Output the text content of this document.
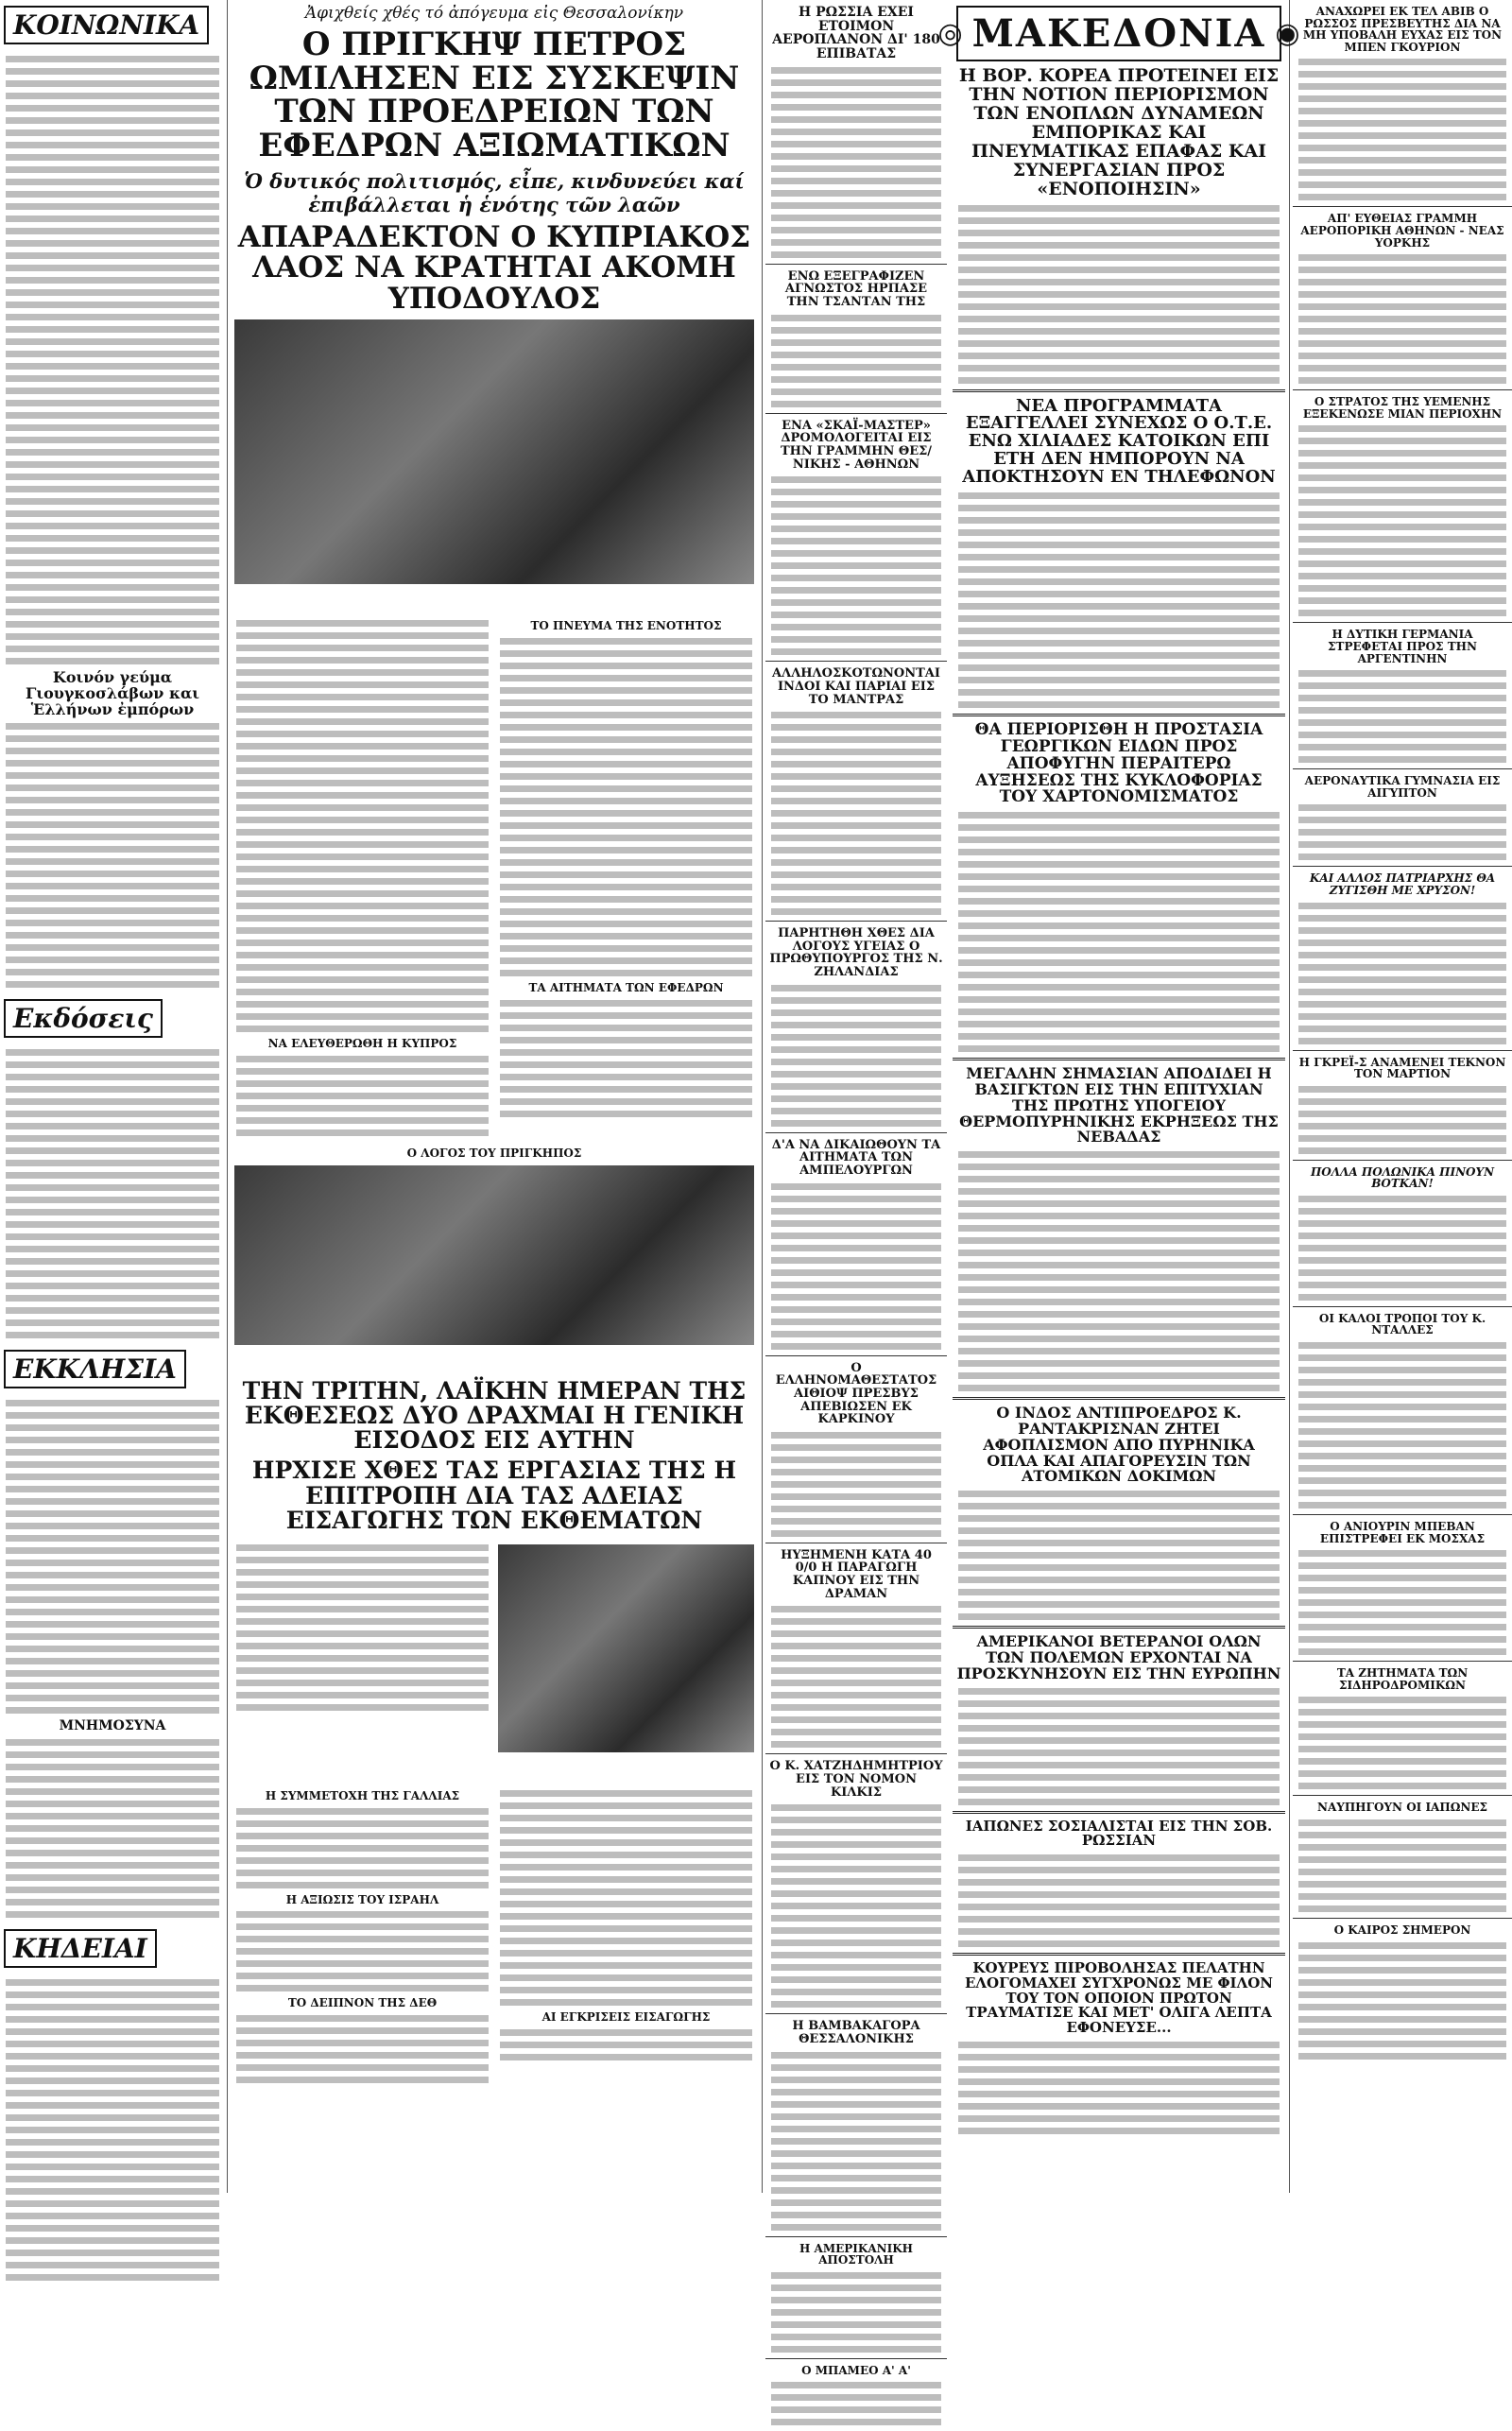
ΚΟΙΝΩΝΙΚΑ
Κοινόν γεύμα Γιουγκοσλάβων και Ἑλλήνων ἐμπόρων
Εκδόσεις
ΕΚΚΛΗΣΙΑ
ΜΝΗΜΟΣΥΝΑ
ΚΗΔΕΙΑΙ
Ἀφιχθείς χθές τό ἀπόγευμα εἰς Θεσσαλονίκην
Ο ΠΡΙΓΚΗΨ ΠΕΤΡΟΣ ΩΜΙΛΗΣΕΝ ΕΙΣ ΣΥΣΚΕΨΙΝ ΤΩΝ ΠΡΟΕΔΡΕΙΩΝ ΤΩΝ ΕΦΕΔΡΩΝ ΑΞΙΩΜΑΤΙΚΩΝ
Ὁ δυτικός πολιτισμός, εἶπε, κινδυνεύει καί ἐπιβάλλεται ἡ ἑνότης τῶν λαῶν
ΑΠΑΡΑΔΕΚΤΟΝ Ο ΚΥΠΡΙΑΚΟΣ ΛΑΟΣ ΝΑ ΚΡΑΤΗΤΑΙ ΑΚΟΜΗ ΥΠΟΔΟΥΛΟΣ
ΝΑ ΕΛΕΥΘΕΡΩΘΗ Η ΚΥΠΡΟΣ
ΤΟ ΠΝΕΥΜΑ ΤΗΣ ΕΝΟΤΗΤΟΣ
ΤΑ ΑΙΤΗΜΑΤΑ ΤΩΝ ΕΦΕΔΡΩΝ
Ο ΛΟΓΟΣ ΤΟΥ ΠΡΙΓΚΗΠΟΣ
ΤΗΝ ΤΡΙΤΗΝ, ΛΑΪΚΗΝ ΗΜΕΡΑΝ ΤΗΣ ΕΚΘΕΣΕΩΣ ΔΥΟ ΔΡΑΧΜΑΙ Η ΓΕΝΙΚΗ ΕΙΣΟΔΟΣ ΕΙΣ ΑΥΤΗΝ
ΗΡΧΙΣΕ ΧΘΕΣ ΤΑΣ ΕΡΓΑΣΙΑΣ ΤΗΣ Η ΕΠΙΤΡΟΠΗ ΔΙΑ ΤΑΣ ΑΔΕΙΑΣ ΕΙΣΑΓΩΓΗΣ ΤΩΝ ΕΚΘΕΜΑΤΩΝ
Η ΣΥΜΜΕΤΟΧΗ ΤΗΣ ΓΑΛΛΙΑΣ
Η ΑΞΙΩΣΙΣ ΤΟΥ ΙΣΡΑΗΛ
ΤΟ ΔΕΙΠΝΟΝ ΤΗΣ ΔΕΘ
ΑΙ ΕΓΚΡΙΣΕΙΣ ΕΙΣΑΓΩΓΗΣ
Η ΡΩΣΣΙΑ ΕΧΕΙ ΕΤΟΙΜΟΝ ΑΕΡΟΠΛΑΝΟΝ ΔΙ' 180 ΕΠΙΒΑΤΑΣ
ΕΝΩ ΕΞΕΓΡΑΦΙΖΕΝ ΑΓΝΩΣΤΟΣ ΗΡΠΑΣΕ ΤΗΝ ΤΣΑΝΤΑΝ ΤΗΣ
ΕΝΑ «ΣΚΑΪ-ΜΑΣΤΕΡ» ΔΡΟΜΟΛΟΓΕΙΤΑΙ ΕΙΣ ΤΗΝ ΓΡΑΜΜΗΝ ΘΕΣ/ΝΙΚΗΣ - ΑΘΗΝΩΝ
ΑΛΛΗΛΟΣΚΟΤΩΝΟΝΤΑΙ ΙΝΔΟΙ ΚΑΙ ΠΑΡΙΑΙ ΕΙΣ ΤΟ ΜΑΝΤΡΑΣ
ΠΑΡΗΤΗΘΗ ΧΘΕΣ ΔΙΑ ΛΟΓΟΥΣ ΥΓΕΙΑΣ Ο ΠΡΩΘΥΠΟΥΡΓΟΣ ΤΗΣ Ν. ΖΗΛΑΝΔΙΑΣ
Δ'Α ΝΑ ΔΙΚΑΙΩΘΟΥΝ ΤΑ ΑΙΤΗΜΑΤΑ ΤΩΝ ΑΜΠΕΛΟΥΡΓΩΝ
Ο ΕΛΛΗΝΟΜΑΘΕΣΤΑΤΟΣ ΑΙΘΙΟΨ ΠΡΕΣΒΥΣ ΑΠΕΒΙΩΣΕΝ ΕΚ ΚΑΡΚΙΝΟΥ
ΗΥΞΗΜΕΝΗ ΚΑΤΑ 40 0/0 Η ΠΑΡΑΓΩΓΗ ΚΑΠΝΟΥ ΕΙΣ ΤΗΝ ΔΡΑΜΑΝ
Ο Κ. ΧΑΤΖΗΔΗΜΗΤΡΙΟΥ ΕΙΣ ΤΟΝ ΝΟΜΟΝ ΚΙΛΚΙΣ
Η ΒΑΜΒΑΚΑΓΟΡΑ ΘΕΣΣΑΛΟΝΙΚΗΣ
Η ΑΜΕΡΙΚΑΝΙΚΗ ΑΠΟΣΤΟΛΗ
Ο ΜΠΑΜΕΟ Α' Α'
◎ ΜΑΚΕΔΟΝΙΑ ◉
Η ΒΟΡ. ΚΟΡΕΑ ΠΡΟΤΕΙΝΕΙ ΕΙΣ ΤΗΝ ΝΟΤΙΟΝ ΠΕΡΙΟΡΙΣΜΟΝ ΤΩΝ ΕΝΟΠΛΩΝ ΔΥΝΑΜΕΩΝ ΕΜΠΟΡΙΚΑΣ ΚΑΙ ΠΝΕΥΜΑΤΙΚΑΣ ΕΠΑΦΑΣ ΚΑΙ ΣΥΝΕΡΓΑΣΙΑΝ ΠΡΟΣ «ΕΝΟΠΟΙΗΣΙΝ»
ΝΕΑ ΠΡΟΓΡΑΜΜΑΤΑ ΕΞΑΓΓΕΛΛΕΙ ΣΥΝΕΧΩΣ Ο Ο.Τ.Ε. ΕΝΩ ΧΙΛΙΑΔΕΣ ΚΑΤΟΙΚΩΝ ΕΠΙ ΕΤΗ ΔΕΝ ΗΜΠΟΡΟΥΝ ΝΑ ΑΠΟΚΤΗΣΟΥΝ ΕΝ ΤΗΛΕΦΩΝΟΝ
ΘΑ ΠΕΡΙΟΡΙΣΘΗ Η ΠΡΟΣΤΑΣΙΑ ΓΕΩΡΓΙΚΩΝ ΕΙΔΩΝ ΠΡΟΣ ΑΠΟΦΥΓΗΝ ΠΕΡΑΙΤΕΡΩ ΑΥΞΗΣΕΩΣ ΤΗΣ ΚΥΚΛΟΦΟΡΙΑΣ ΤΟΥ ΧΑΡΤΟΝΟΜΙΣΜΑΤΟΣ
ΜΕΓΑΛΗΝ ΣΗΜΑΣΙΑΝ ΑΠΟΔΙΔΕΙ Η ΒΑΣΙΓΚΤΩΝ ΕΙΣ ΤΗΝ ΕΠΙΤΥΧΙΑΝ ΤΗΣ ΠΡΩΤΗΣ ΥΠΟΓΕΙΟΥ ΘΕΡΜΟΠΥΡΗΝΙΚΗΣ ΕΚΡΗΞΕΩΣ ΤΗΣ ΝΕΒΑΔΑΣ
Ο ΙΝΔΟΣ ΑΝΤΙΠΡΟΕΔΡΟΣ Κ. ΡΑΝΤΑΚΡΙΣΝΑΝ ΖΗΤΕΙ ΑΦΟΠΛΙΣΜΟΝ ΑΠΟ ΠΥΡΗΝΙΚΑ ΟΠΛΑ ΚΑΙ ΑΠΑΓΟΡΕΥΣΙΝ ΤΩΝ ΑΤΟΜΙΚΩΝ ΔΟΚΙΜΩΝ
ΑΜΕΡΙΚΑΝΟΙ ΒΕΤΕΡΑΝΟΙ ΟΛΩΝ ΤΩΝ ΠΟΛΕΜΩΝ ΕΡΧΟΝΤΑΙ ΝΑ ΠΡΟΣΚΥΝΗΣΟΥΝ ΕΙΣ ΤΗΝ ΕΥΡΩΠΗΝ
ΙΑΠΩΝΕΣ ΣΟΣΙΑΛΙΣΤΑΙ ΕΙΣ ΤΗΝ ΣΟΒ. ΡΩΣΣΙΑΝ
ΚΟΥΡΕΥΣ ΠΙΡΟΒΟΛΗΣΑΣ ΠΕΛΑΤΗΝ ΕΛΟΓΟΜΑΧΕΙ ΣΥΓΧΡΟΝΩΣ ΜΕ ΦΙΛΟΝ ΤΟΥ ΤΟΝ ΟΠΟΙΟΝ ΠΡΩΤΟΝ ΤΡΑΥΜΑΤΙΣΕ ΚΑΙ ΜΕΤ' ΟΛΙΓΑ ΛΕΠΤΑ ΕΦΟΝΕΥΣΕ...
ΑΝΑΧΩΡΕΙ ΕΚ ΤΕΛ ΑΒΙΒ Ο ΡΩΣΣΟΣ ΠΡΕΣΒΕΥΤΗΣ ΔΙΑ ΝΑ ΜΗ ΥΠΟΒΑΛΗ ΕΥΧΑΣ ΕΙΣ ΤΟΝ ΜΠΕΝ ΓΚΟΥΡΙΟΝ
ΑΠ' ΕΥΘΕΙΑΣ ΓΡΑΜΜΗ ΑΕΡΟΠΟΡΙΚΗ ΑΘΗΝΩΝ - ΝΕΑΣ ΥΟΡΚΗΣ
Ο ΣΤΡΑΤΟΣ ΤΗΣ ΥΕΜΕΝΗΣ ΕΞΕΚΕΝΩΣΕ ΜΙΑΝ ΠΕΡΙΟΧΗΝ
Η ΔΥΤΙΚΗ ΓΕΡΜΑΝΙΑ ΣΤΡΕΦΕΤΑΙ ΠΡΟΣ ΤΗΝ ΑΡΓΕΝΤΙΝΗΝ
ΑΕΡΟΝΑΥΤΙΚΑ ΓΥΜΝΑΣΙΑ ΕΙΣ ΑΙΓΥΠΤΟΝ
ΚΑΙ ΑΛΛΟΣ ΠΑΤΡΙΑΡΧΗΣ ΘΑ ΖΥΓΙΣΘΗ ΜΕ ΧΡΥΣΟΝ!
Η ΓΚΡΕΪ-Σ ΑΝΑΜΕΝΕΙ ΤΕΚΝΟΝ ΤΟΝ ΜΑΡΤΙΟΝ
ΠΟΛΛΑ ΠΟΛΩΝΙΚΑ ΠΙΝΟΥΝ ΒΟΤΚΑΝ!
ΟΙ ΚΑΛΟΙ ΤΡΟΠΟΙ ΤΟΥ Κ. ΝΤΑΛΛΕΣ
Ο ΑΝΙΟΥΡΙΝ ΜΠΕΒΑΝ ΕΠΙΣΤΡΕΦΕΙ ΕΚ ΜΟΣΧΑΣ
ΤΑ ΖΗΤΗΜΑΤΑ ΤΩΝ ΣΙΔΗΡΟΔΡΟΜΙΚΩΝ
ΝΑΥΠΗΓΟΥΝ ΟΙ ΙΑΠΩΝΕΣ
Ο ΚΑΙΡΟΣ ΣΗΜΕΡΟΝ
